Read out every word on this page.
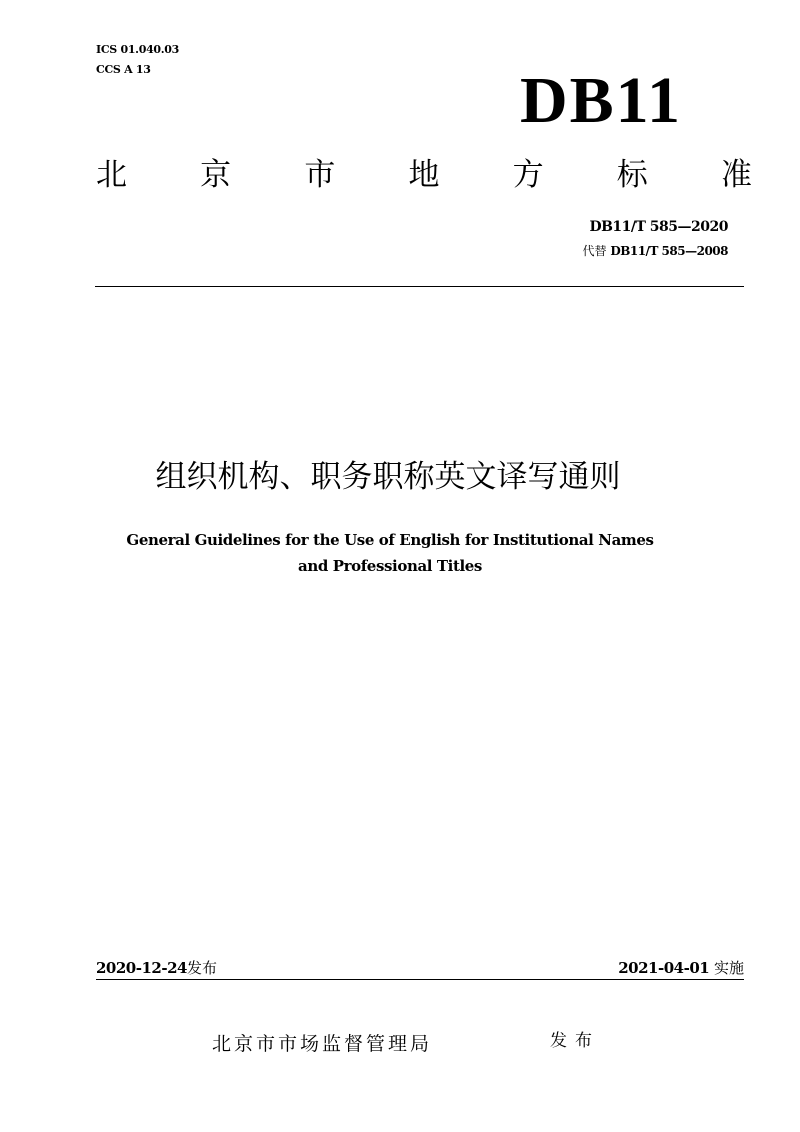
ICS 01.040.03
CCS A 13	DB11
北 京 市 地 方 标 准
DB11/T 585—2020
代替 DB11/T 585—2008
组织机构、职务职称英文译写通则
General Guidelines for the Use of English for Institutional Names
and Professional Titles
2020-12-24发布	2021-04-01 实施
北京市市场监督管理局	发布
